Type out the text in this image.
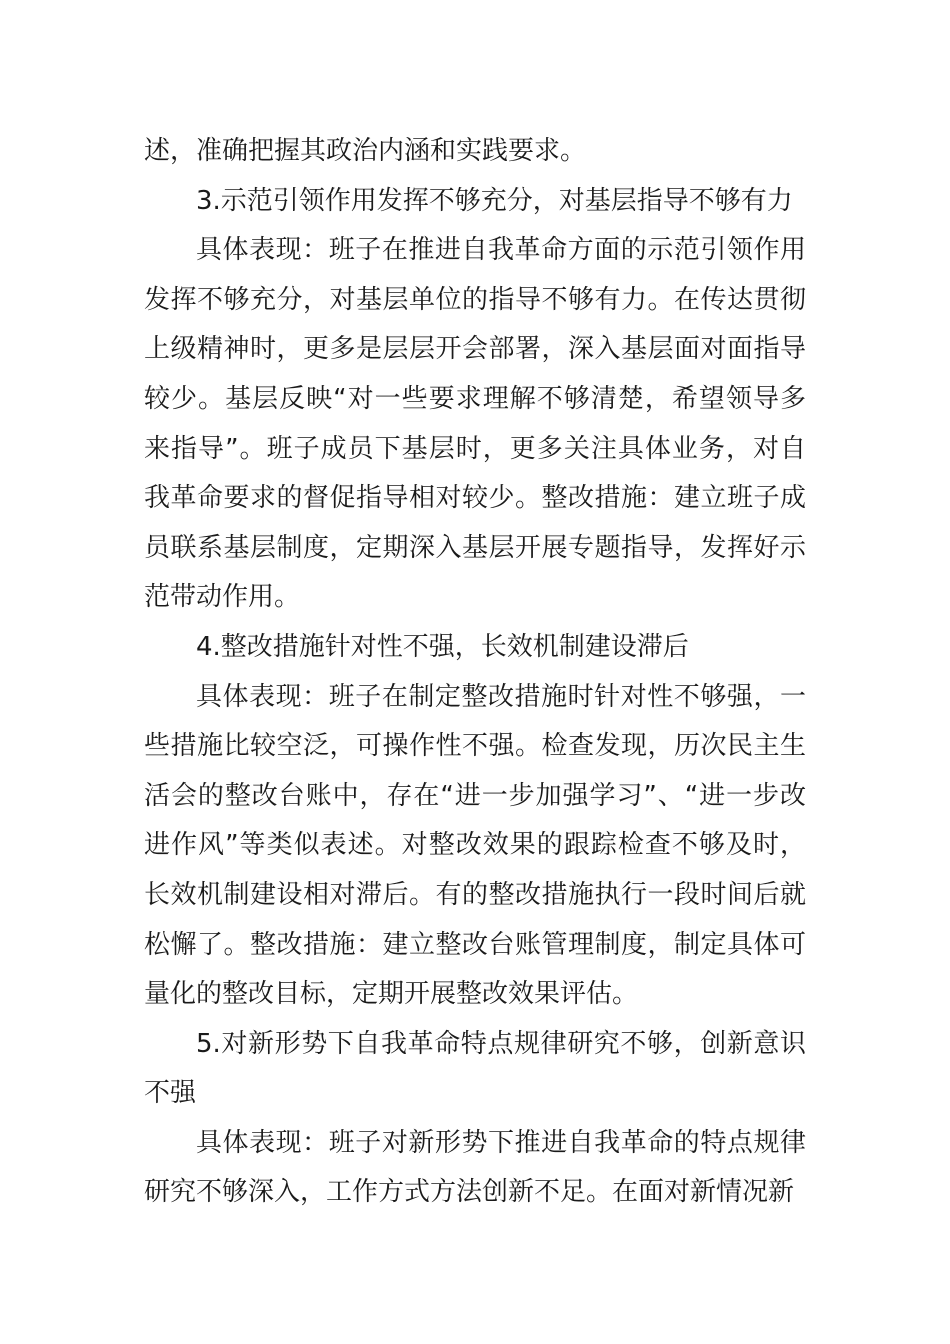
述，准确把握其政治内涵和实践要求。

3.示范引领作用发挥不够充分，对基层指导不够有力

具体表现：班子在推进自我革命方面的示范引领作用发挥不够充分，对基层单位的指导不够有力。在传达贯彻上级精神时，更多是层层开会部署，深入基层面对面指导较少。基层反映“对一些要求理解不够清楚，希望领导多来指导”。班子成员下基层时，更多关注具体业务，对自我革命要求的督促指导相对较少。整改措施：建立班子成员联系基层制度，定期深入基层开展专题指导，发挥好示范带动作用。

4.整改措施针对性不强，长效机制建设滞后

具体表现：班子在制定整改措施时针对性不够强，一些措施比较空泛，可操作性不强。检查发现，历次民主生活会的整改台账中，存在“进一步加强学习”、“进一步改进作风”等类似表述。对整改效果的跟踪检查不够及时，长效机制建设相对滞后。有的整改措施执行一段时间后就松懈了。整改措施：建立整改台账管理制度，制定具体可量化的整改目标，定期开展整改效果评估。

5.对新形势下自我革命特点规律研究不够，创新意识不强

具体表现：班子对新形势下推进自我革命的特点规律研究不够深入，工作方式方法创新不足。在面对新情况新
